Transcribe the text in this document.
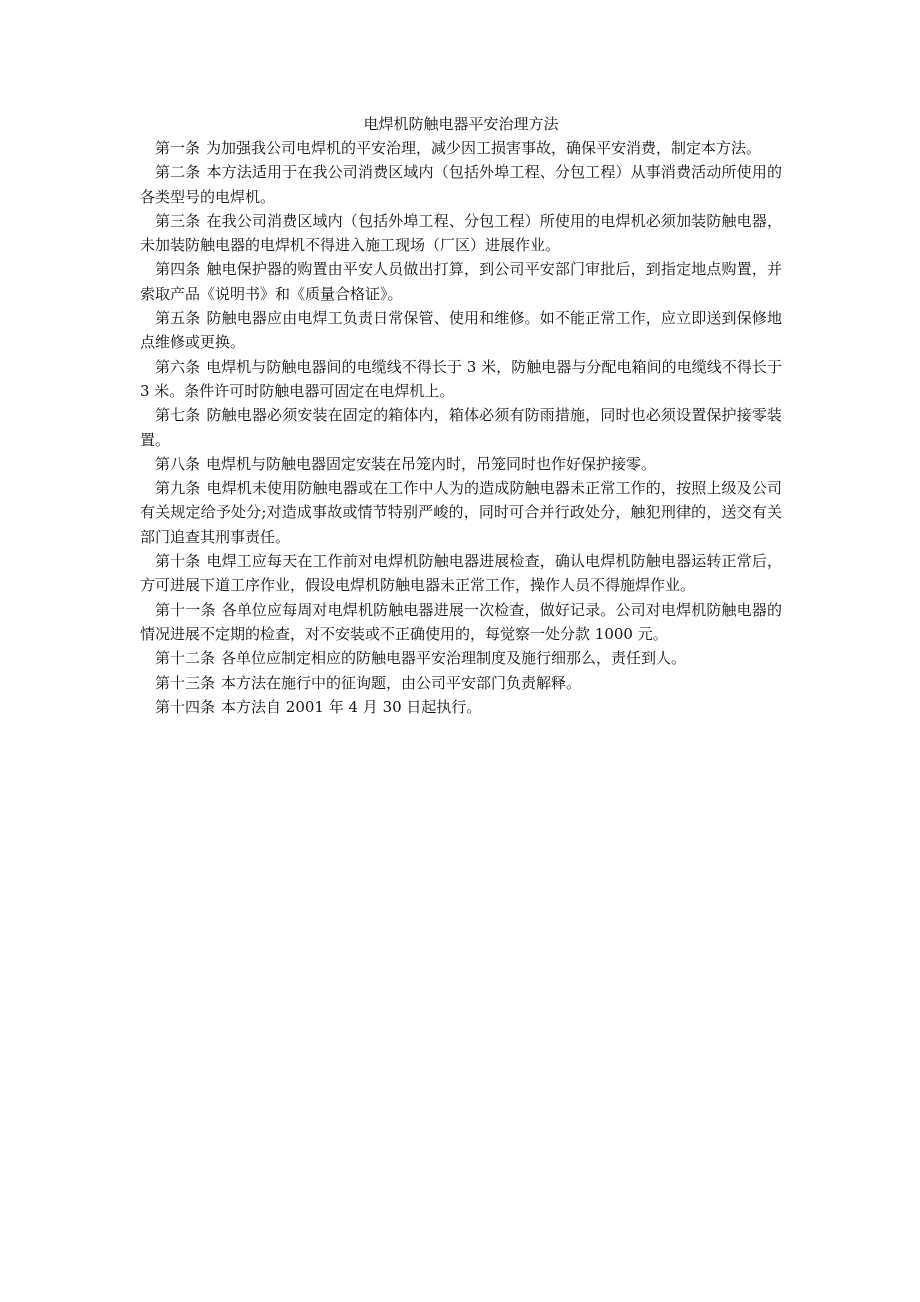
电焊机防触电器平安治理方法

第一条 为加强我公司电焊机的平安治理，减少因工损害事故，确保平安消费，制定本方法。

第二条 本方法适用于在我公司消费区域内（包括外埠工程、分包工程）从事消费活动所使用的各类型号的电焊机。

第三条 在我公司消费区域内（包括外埠工程、分包工程）所使用的电焊机必须加装防触电器，未加装防触电器的电焊机不得进入施工现场（厂区）进展作业。

第四条 触电保护器的购置由平安人员做出打算，到公司平安部门审批后，到指定地点购置，并索取产品《说明书》和《质量合格证》。

第五条 防触电器应由电焊工负责日常保管、使用和维修。如不能正常工作，应立即送到保修地点维修或更换。

第六条 电焊机与防触电器间的电缆线不得长于 3 米，防触电器与分配电箱间的电缆线不得长于 3 米。条件许可时防触电器可固定在电焊机上。

第七条 防触电器必须安装在固定的箱体内，箱体必须有防雨措施，同时也必须设置保护接零装置。

第八条 电焊机与防触电器固定安装在吊笼内时，吊笼同时也作好保护接零。

第九条 电焊机未使用防触电器或在工作中人为的造成防触电器未正常工作的，按照上级及公司有关规定给予处分;对造成事故或情节特别严峻的，同时可合并行政处分，触犯刑律的，送交有关部门追查其刑事责任。

第十条 电焊工应每天在工作前对电焊机防触电器进展检查，确认电焊机防触电器运转正常后，方可进展下道工序作业，假设电焊机防触电器未正常工作，操作人员不得施焊作业。

第十一条 各单位应每周对电焊机防触电器进展一次检查，做好记录。公司对电焊机防触电器的情况进展不定期的检查，对不安装或不正确使用的，每觉察一处分款 1000 元。

第十二条 各单位应制定相应的防触电器平安治理制度及施行细那么，责任到人。

第十三条 本方法在施行中的征询题，由公司平安部门负责解释。

第十四条 本方法自 2001 年 4 月 30 日起执行。
